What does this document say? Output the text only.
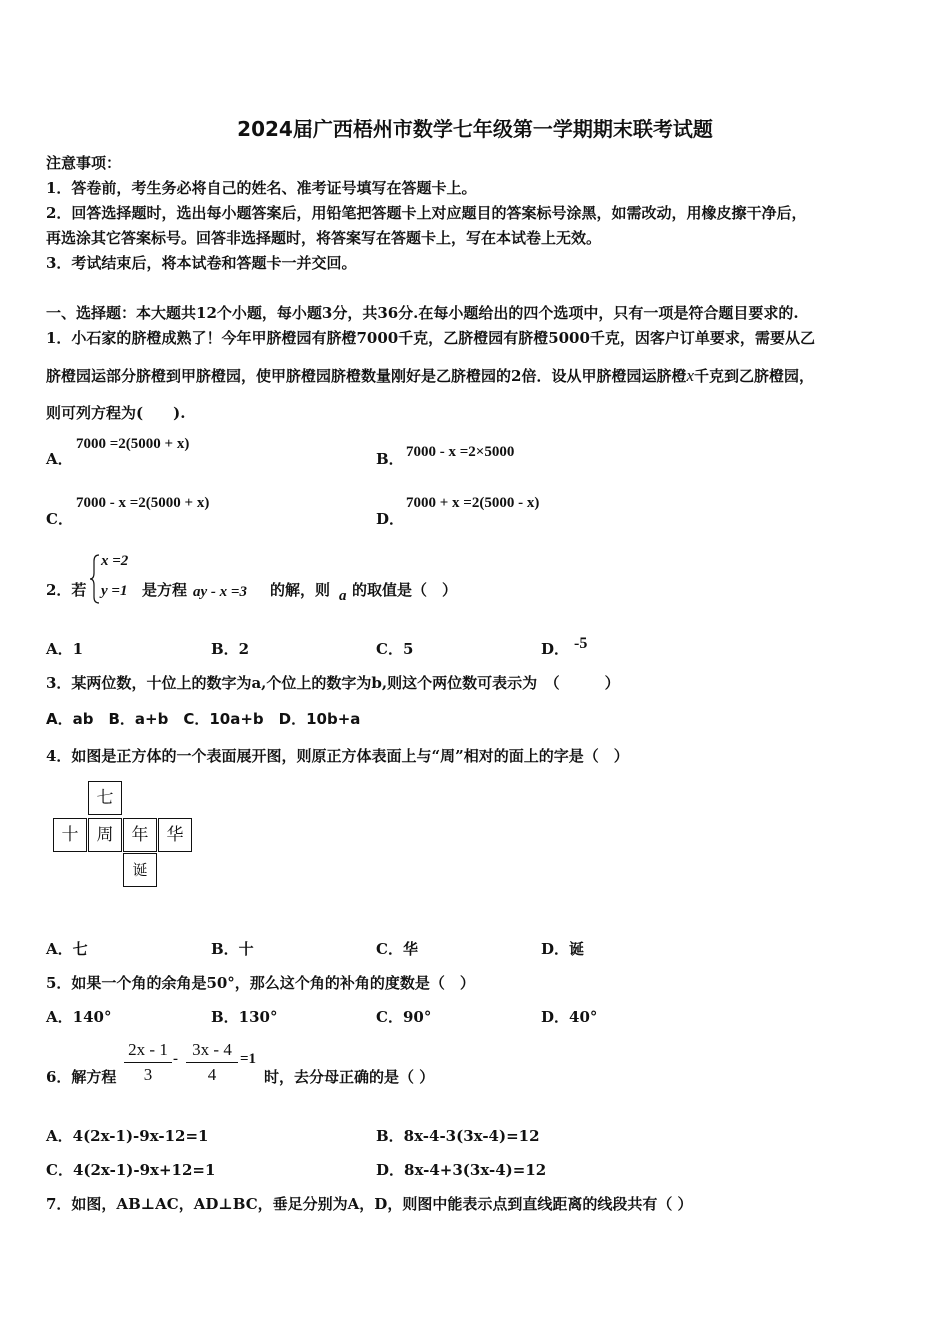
2024届广西梧州市数学七年级第一学期期末联考试题
注意事项：
1．答卷前，考生务必将自己的姓名、准考证号填写在答题卡上。
2．回答选择题时，选出每小题答案后，用铅笔把答题卡上对应题目的答案标号涂黑，如需改动，用橡皮擦干净后，
再选涂其它答案标号。回答非选择题时，将答案写在答题卡上，写在本试卷上无效。
3．考试结束后，将本试卷和答题卡一并交回。
一、选择题：本大题共12个小题，每小题3分，共36分.在每小题给出的四个选项中，只有一项是符合题目要求的.
1．小石家的脐橙成熟了！今年甲脐橙园有脐橙7000千克，乙脐橙园有脐橙5000千克，因客户订单要求，需要从乙
脐橙园运部分脐橙到甲脐橙园，使甲脐橙园脐橙数量刚好是乙脐橙园的2倍．设从甲脐橙园运脐橙x千克到乙脐橙园，
则可列方程为(　　).
A．
7000 =2(5000 + x)
B． 7000 - x =2×5000
C．
7000 - x =2(5000 + x)
D．
7000 + x =2(5000 - x)
2．若
x =2
y =1 是方程 ay - x =3 的解，则 a 的取值是（　）
A．1	B．2	C．5	D． -5
3．某两位数，十位上的数字为a,个位上的数字为b,则这个两位数可表示为　（　　　）
A．ab　B．a+b　C．10a+b　D．10b+a
4．如图是正方体的一个表面展开图，则原正方体表面上与“周”相对的面上的字是（　）
七
十	周	年	华
诞
A．七	B．十	C．华	D．诞
5．如果一个角的余角是50°，那么这个角的补角的度数是（　）
A．140°	B．130°	C．90°	D．40°
6．解方程
2x - 1
3
- 3x - 4
4
=1
时，去分母正确的是（ ）
A．4(2x-1)-9x-12=1	B．8x-4-3(3x-4)=12
C．4(2x-1)-9x+12=1	D．8x-4+3(3x-4)=12
7．如图，AB⊥AC，AD⊥BC，垂足分别为A，D，则图中能表示点到直线距离的线段共有（ ）
